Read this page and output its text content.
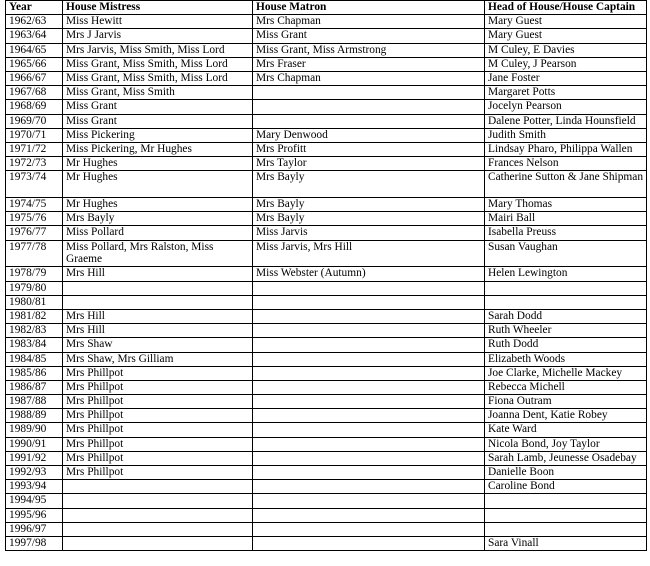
Year	House Mistress	House Matron	Head of House/House Captain
1962/63	Miss Hewitt	Mrs Chapman	Mary Guest
1963/64	Mrs J Jarvis	Miss Grant	Mary Guest
1964/65	Mrs Jarvis, Miss Smith, Miss Lord	Miss Grant, Miss Armstrong	M Culey, E Davies
1965/66	Miss Grant, Miss Smith, Miss Lord	Mrs Fraser	M Culey, J Pearson
1966/67	Miss Grant, Miss Smith, Miss Lord	Mrs Chapman	Jane Foster
1967/68	Miss Grant, Miss Smith		Margaret Potts
1968/69	Miss Grant		Jocelyn Pearson
1969/70	Miss Grant		Dalene Potter, Linda Hounsfield
1970/71	Miss Pickering	Mary Denwood	Judith Smith
1971/72	Miss Pickering, Mr Hughes	Mrs Profitt	Lindsay Pharo, Philippa Wallen
1972/73	Mr Hughes	Mrs Taylor	Frances Nelson
1973/74	Mr Hughes	Mrs Bayly	Catherine Sutton & Jane Shipman
1974/75	Mr Hughes	Mrs Bayly	Mary Thomas
1975/76	Mrs Bayly	Mrs Bayly	Mairi Ball
1976/77	Miss Pollard	Miss Jarvis	Isabella Preuss
1977/78	Miss Pollard, Mrs Ralston, Miss Graeme	Miss Jarvis, Mrs Hill	Susan Vaughan
1978/79	Mrs Hill	Miss Webster (Autumn)	Helen Lewington
1979/80			
1980/81			
1981/82	Mrs Hill		Sarah Dodd
1982/83	Mrs Hill		Ruth Wheeler
1983/84	Mrs Shaw		Ruth Dodd
1984/85	Mrs Shaw, Mrs Gilliam		Elizabeth Woods
1985/86	Mrs Phillpot		Joe Clarke, Michelle Mackey
1986/87	Mrs Phillpot		Rebecca Michell
1987/88	Mrs Phillpot		Fiona Outram
1988/89	Mrs Phillpot		Joanna Dent, Katie Robey
1989/90	Mrs Phillpot		Kate Ward
1990/91	Mrs Phillpot		Nicola Bond, Joy Taylor
1991/92	Mrs Phillpot		Sarah Lamb, Jeunesse Osadebay
1992/93	Mrs Phillpot		Danielle Boon
1993/94			Caroline Bond
1994/95			
1995/96			
1996/97			
1997/98			Sara Vinall
